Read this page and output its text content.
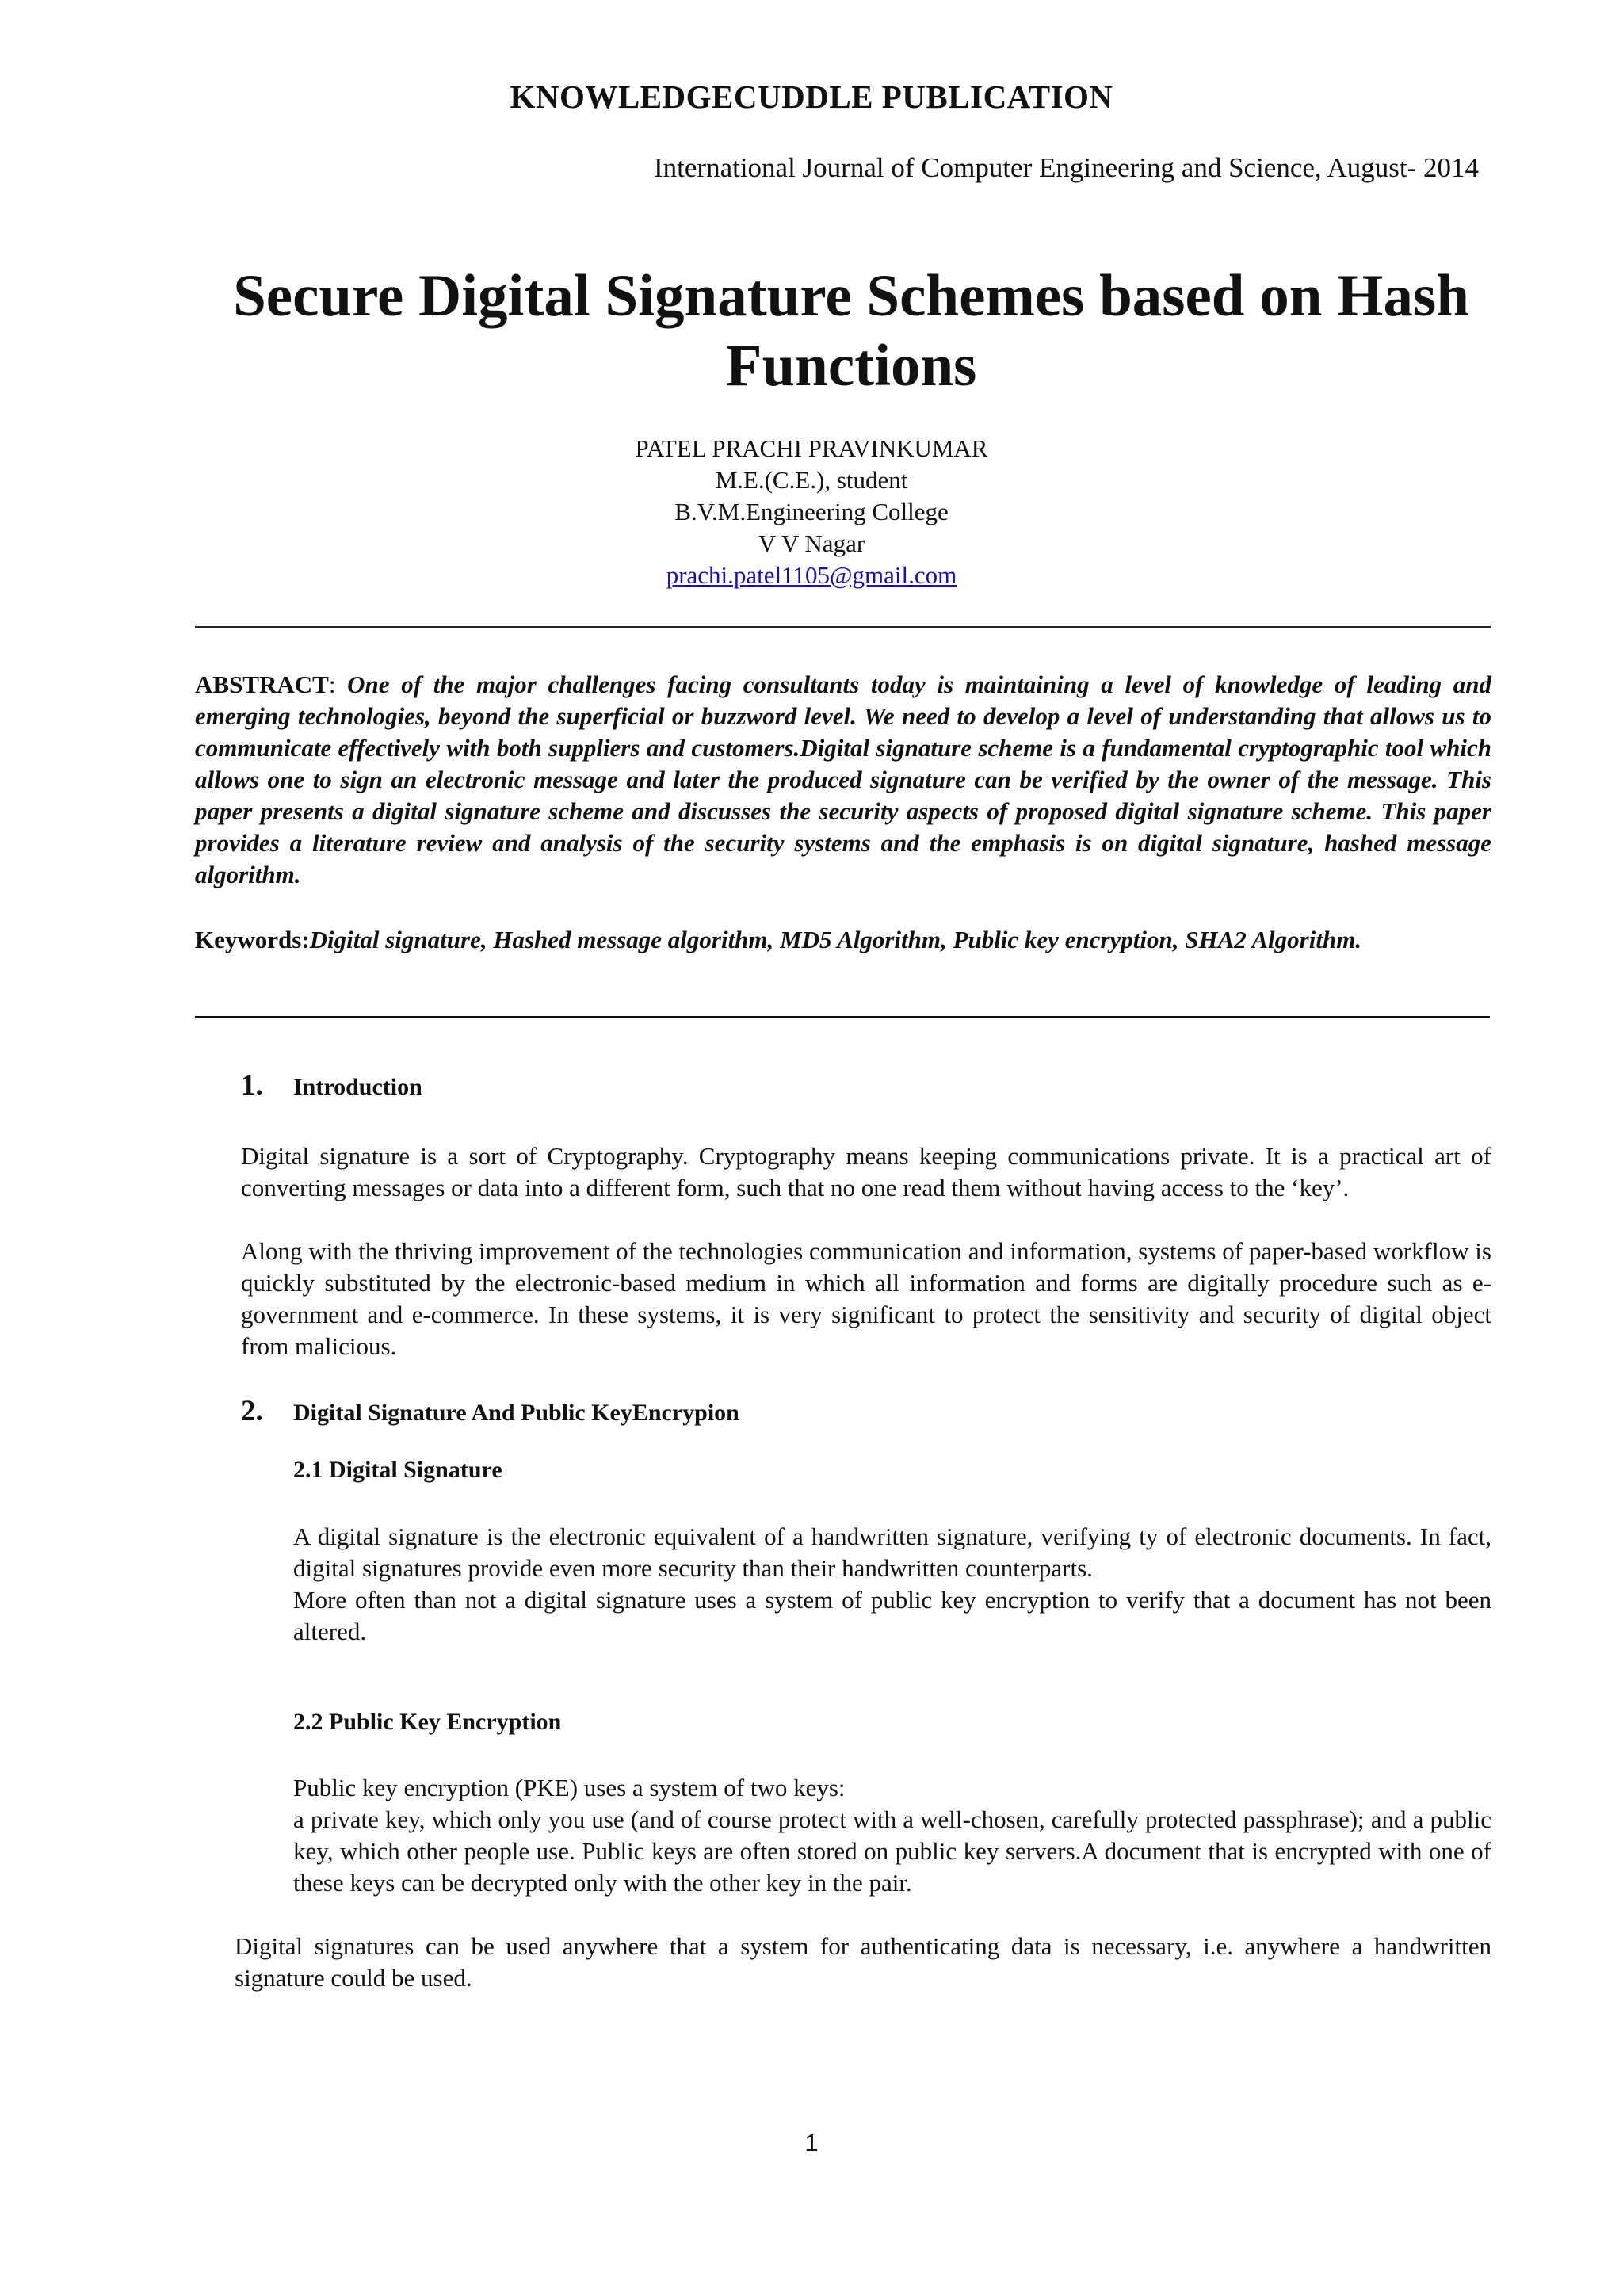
KNOWLEDGECUDDLE PUBLICATION
International Journal of Computer Engineering and Science, August- 2014
Secure Digital Signature Schemes based on Hash
Functions
PATEL PRACHI PRAVINKUMAR
M.E.(C.E.), student
B.V.M.Engineering College
V V Nagar
prachi.patel1105@gmail.com
ABSTRACT: One of the major challenges facing consultants today is maintaining a level of knowledge of leading and emerging technologies, beyond the superficial or buzzword level. We need to develop a level of understanding that allows us to communicate effectively with both suppliers and customers.Digital signature scheme is a fundamental cryptographic tool which allows one to sign an electronic message and later the produced signature can be verified by the owner of the message. This paper presents a digital signature scheme and discusses the security aspects of proposed digital signature scheme. This paper provides a literature review and analysis of the security systems and the emphasis is on digital signature, hashed message algorithm.
Keywords:Digital signature, Hashed message algorithm, MD5 Algorithm, Public key encryption, SHA2 Algorithm.
1. Introduction
Digital signature is a sort of Cryptography. Cryptography means keeping communications private. It is a practical art of converting messages or data into a different form, such that no one read them without having access to the ‘key’.
Along with the thriving improvement of the technologies communication and information, systems of paper-based workflow is quickly substituted by the electronic-based medium in which all information and forms are digitally procedure such as e-government and e-commerce. In these systems, it is very significant to protect the sensitivity and security of digital object from malicious.
2. Digital Signature And Public KeyEncrypion
2.1 Digital Signature
A digital signature is the electronic equivalent of a handwritten signature, verifying ty of electronic documents. In fact, digital signatures provide even more security than their handwritten counterparts.
More often than not a digital signature uses a system of public key encryption to verify that a document has not been altered.
2.2 Public Key Encryption
Public key encryption (PKE) uses a system of two keys:
a private key, which only you use (and of course protect with a well-chosen, carefully protected passphrase); and a public key, which other people use. Public keys are often stored on public key servers.A document that is encrypted with one of these keys can be decrypted only with the other key in the pair.
Digital signatures can be used anywhere that a system for authenticating data is necessary, i.e. anywhere a handwritten signature could be used.
1
